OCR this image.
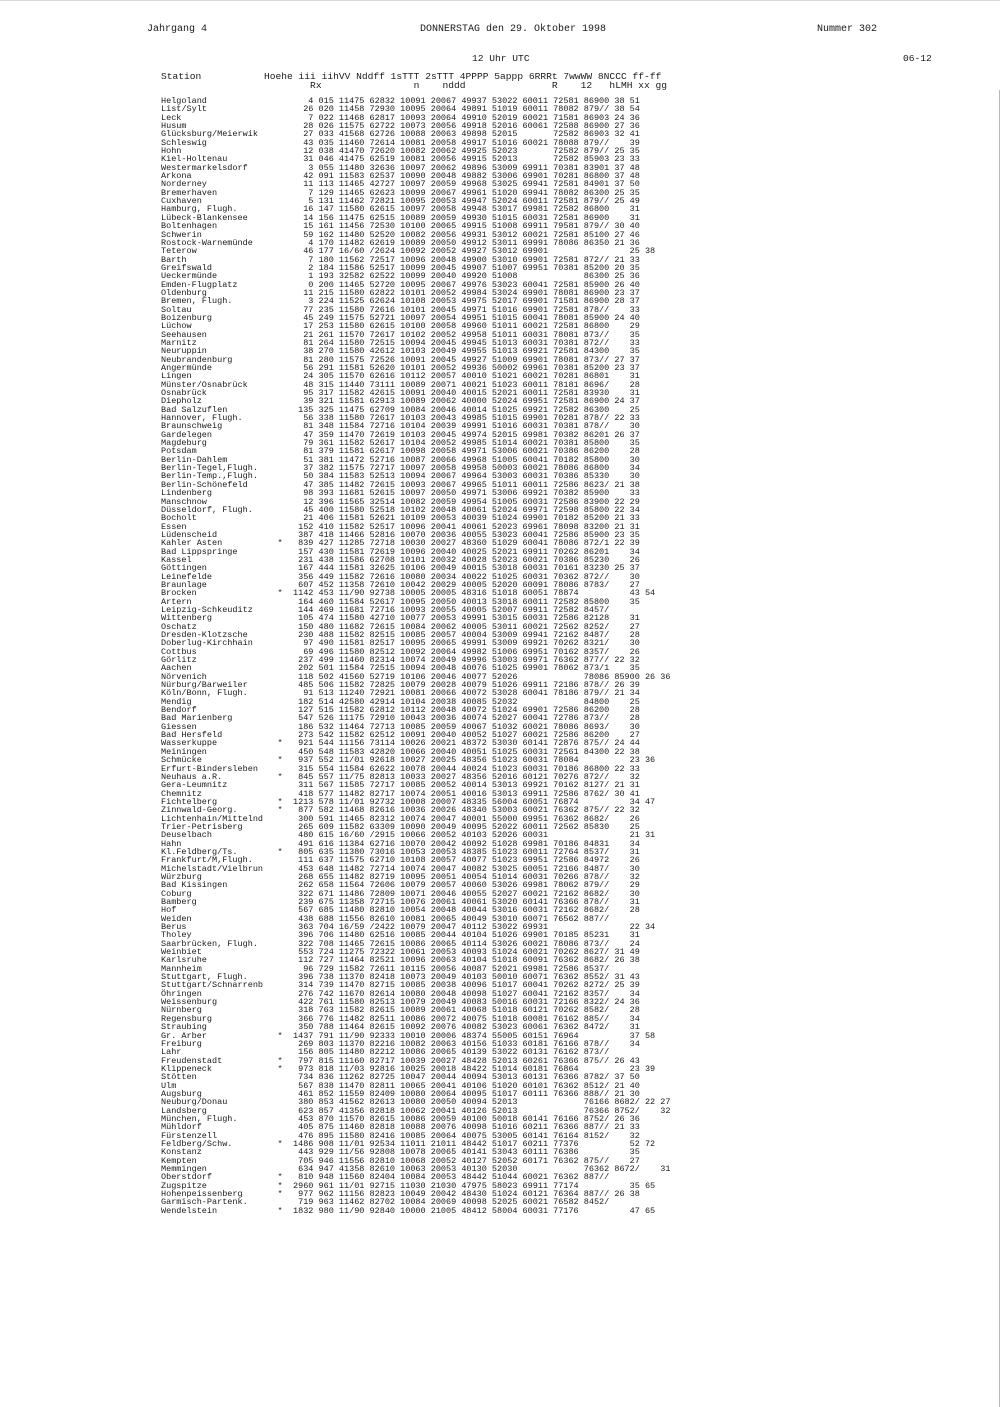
Jahrgang 4	DONNERSTAG den 29. Oktober 1998	Nummer 302
12 Uhr UTC	06-12
Station	Hoehe iii iihVV Nddff 1sTTT 2sTTT 4PPPP 5appp 6RRRt 7wwWW 8NCCC ff-ff
Rx                n    nddd               R    12   hLMH xx gg
Helgoland		4 015 11475 62832 10091 20067 49937 53022 60011 72581 86900 38 51
List/Sylt		26 020 11458 72930 10095 20064 49891 51019 60011 78082 879// 38 54
Leck		7 022 11468 62817 10093 20064 49910 52019 60021 71581 86903 24 36
Husum		28 026 11575 62722 10073 20056 49918 52016 60061 72588 86900 27 36
Glücksburg/Meierwik		27 033 41568 62726 10088 20063 49898 52015       72582 86903 32 41
Schleswig		43 035 11460 72614 10081 20058 49917 51016 60021 78088 879//    39
Hohn		12 038 41470 72620 10082 20062 49925 52023       72582 879// 25 35
Kiel-Holtenau		31 046 41475 62519 10081 20056 49915 52013       72582 85903 23 33
Westermarkelsdorf		3 055 11480 32636 10097 20062 49896 53009 69911 70381 83901 37 48
Arkona		42 091 11583 62537 10090 20048 49882 53006 69901 70281 86800 37 48
Norderney		11 113 11465 42727 10097 20059 49968 53025 69941 72581 84901 37 50
Bremerhaven		7 129 11465 62623 10099 20067 49961 51020 69941 78082 86300 25 35
Cuxhaven		5 131 11462 72821 10095 20053 49947 52024 60011 72581 879// 25 49
Hamburg, Flugh.		16 147 11580 62615 10097 20058 49948 53017 69981 72582 86800    31
Lübeck-Blankensee		14 156 11475 62515 10089 20059 49930 51015 60031 72581 86900    31
Boltenhagen		15 161 11456 72530 10100 20065 49915 51008 69911 79581 879// 30 40
Schwerin		59 162 11480 52520 10082 20056 49931 53012 60021 72581 85100 27 46
Rostock-Warnemünde		4 170 11482 62619 10089 20050 49912 53011 69991 78086 86350 21 36
Teterow		46 177 16/60 /2624 10092 20052 49927 53012 69901                25 38
Barth		7 180 11562 72517 10096 20048 49900 53010 69901 72581 872// 21 33
Greifswald		2 184 11586 52517 10099 20045 49907 51007 69951 70381 85200 20 35
Ueckermünde		1 193 32582 62522 10099 20040 49920 51008             86300 25 36
Emden-Flugplatz		0 200 11465 52720 10095 20067 49976 53023 60041 72581 85900 26 40
Oldenburg		11 215 11580 62822 10101 20052 49984 53024 69901 78081 86900 23 37
Bremen, Flugh.		3 224 11525 62624 10108 20053 49975 52017 69901 71581 86900 28 37
Soltau		77 235 11580 72616 10101 20045 49971 51016 69901 72581 878//    33
Boizenburg		45 249 11575 52721 10097 20054 49951 51015 60041 78081 85900 24 40
Lüchow		17 253 11580 62615 10100 20058 49960 51011 60021 72581 86800    29
Seehausen		21 261 11570 72617 10102 20052 49958 51011 60031 78081 873//    35
Marnitz		81 264 11580 72515 10094 20045 49945 51013 60031 70381 872//    33
Neuruppin		38 270 11580 42612 10103 20049 49955 51013 69921 72581 84300    35
Neubrandenburg		81 280 11575 72526 10091 20045 49927 51009 69901 78081 873// 27 37
Angermünde		56 291 11581 52620 10101 20052 49936 50002 69961 70381 85200 23 37
Lingen		24 305 11570 62616 10112 20057 40010 51021 60021 70281 86801    31
Münster/Osnabrück		48 315 11440 73111 10089 20071 40021 51023 60011 78181 8696/    28
Osnabrück		95 317 11582 42615 10091 20040 40015 52021 60011 72581 83930    31
Diepholz		39 321 11581 62913 10089 20062 40000 52024 69951 72581 86900 24 37
Bad Salzuflen		135 325 11475 62709 10084 20046 40014 51025 69921 72582 86300    25
Hannover, Flugh.		56 338 11580 72617 10103 20043 49985 51015 69901 70281 878// 22 33
Braunschweig		81 348 11584 72716 10104 20039 49991 51016 60031 70381 878//    30
Gardelegen		47 359 11470 72619 10103 20045 49974 52015 69981 70382 86201 26 37
Magdeburg		79 361 11582 52617 10104 20052 49985 51014 60021 70381 85800    35
Potsdam		81 379 11581 62617 10098 20058 49971 53006 60021 70386 86200    28
Berlin-Dahlem		51 381 11472 52716 10087 20066 49968 51005 60041 70182 85800    30
Berlin-Tegel,Flugh.		37 382 11575 72717 10097 20058 49958 50003 60021 78086 86800    34
Berlin-Temp.,Flugh.		50 384 11583 52513 10094 20067 49964 53003 60031 70386 85330    30
Berlin-Schönefeld		47 385 11482 72615 10093 20067 49965 51011 60011 72586 8623/ 21 38
Lindenberg		98 393 11681 52615 10097 20050 49971 53006 69921 70382 85900    33
Manschnow		12 396 11565 32514 10082 20059 49954 51005 60031 72586 83900 22 29
Düsseldorf, Flugh.		45 400 11580 52518 10102 20048 40061 52024 69971 72598 85800 22 34
Bocholt		21 406 11581 52621 10109 20053 40039 51024 69901 70182 85200 21 33
Essen		152 410 11582 52517 10096 20041 40061 52023 69961 78098 83200 21 31
Lüdenscheid		387 418 11466 52816 10070 20036 40055 53023 60041 72586 85900 23 35
Kahler Asten	*	839 427 11285 72718 10030 20027 48360 51029 60041 78086 872/1 22 39
Bad Lippspringe		157 430 11581 72619 10096 20040 40025 52021 69911 70262 86201    34
Kassel		231 438 11586 62708 10101 20032 40028 52023 60021 70386 85230    26
Göttingen		167 444 11581 32625 10106 20049 40015 53018 60031 70161 83230 25 37
Leinefelde		356 449 11582 72616 10080 20034 40022 51025 60031 70362 872//    30
Braunlage		607 452 11358 72610 10042 20029 40005 52020 60091 78086 8783/    27
Brocken	*	1142 453 11/90 92738 10005 20005 48316 51018 60051 78874          43 54
Artern		164 460 11584 52617 10095 20050 40013 53018 60011 72582 85800    35
Leipzig-Schkeuditz		144 469 11681 72716 10093 20055 40005 52007 69911 72582 8457/
Wittenberg		105 474 11580 42710 10077 20053 49991 53015 60031 72586 82128    31
Oschatz		150 480 11682 72615 10084 20062 40005 53011 60021 72562 8252/    27
Dresden-Klotzsche		230 488 11582 82515 10085 20057 40004 53009 69941 72162 8487/    28
Doberlug-Kirchhain		97 490 11581 82517 10095 20065 49991 53009 69921 70262 8321/    30
Cottbus		69 496 11580 82512 10092 20064 49982 51006 69951 70162 8357/    26
Görlitz		237 499 11460 82314 10074 20049 49996 53003 69971 76362 877// 22 32
Aachen		202 501 11584 72515 10094 20048 40076 51025 69901 78062 873/1    35
Nörvenich		118 502 41560 52719 10106 20046 40077 52026             78086 85900 26 36
Nürburg/Barweiler		485 506 11582 72825 10079 20028 40079 51026 69911 72186 878// 26 39
Köln/Bonn, Flugh.		91 513 11240 72921 10081 20066 40072 53028 60041 78186 879// 21 34
Mendig		182 514 42580 42914 10104 20038 40085 52032             84800    25
Bendorf		127 515 11582 62812 10112 20048 40072 51024 69901 72586 86200    28
Bad Marienberg		547 526 11175 72910 10043 20036 40074 52027 60041 72786 873//    28
Giessen		186 532 11464 72713 10085 20059 40067 51032 60021 78086 8693/    30
Bad Hersfeld		273 542 11582 62512 10091 20040 40052 51027 60021 72586 86200    27
Wasserkuppe	*	921 544 11156 73114 10026 20021 48372 53030 60141 72876 875// 24 44
Meiningen		450 548 11583 42820 10066 20040 40051 51025 60031 72561 84300 22 38
Schmücke	*	937 552 11/01 92618 10027 20025 48356 51023 60031 78084          23 36
Erfurt-Bindersleben		315 554 11584 62622 10078 20044 40024 51023 60031 70186 86800 22 33
Neuhaus a.R.	*	845 557 11/75 82813 10033 20027 48356 52016 60121 70276 872//    32
Gera-Leumnitz		311 567 11585 72717 10085 20052 40014 53013 69921 70162 8127/ 21 31
Chemnitz		418 577 11482 82717 10074 20051 40016 53013 69911 72586 8762/ 30 41
Fichtelberg	*	1213 578 11/01 92732 10008 20007 48335 56004 60051 76874          34 47
Zinnwald-Georg.	*	877 582 11468 82616 10036 20026 48340 53003 60021 76362 875// 22 32
Lichtenhain/Mittelnd		300 591 11465 82312 10074 20047 40001 55000 69951 76362 8682/    26
Trier-Petrisberg		265 609 11582 63309 10090 20049 40095 52022 60011 72562 85830    25
Deuselbach		480 615 16/60 /2915 10066 20052 40103 52026 60031                21 31
Hahn		491 616 11384 62716 10070 20042 40092 51028 69981 70186 84831    34
Kl.Feldberg/Ts.	*	805 635 11380 73016 10053 20053 48385 51023 60011 72764 8537/    31
Frankfurt/M,Flugh.		111 637 11575 62710 10108 20057 40077 51023 69951 72586 84972    26
Michelstadt/Vielbrun		453 648 11482 72714 10074 20047 40082 53025 60051 72166 8487/    30
Würzburg		268 655 11482 82719 10095 20051 40054 51014 60031 70266 878//    32
Bad Kissingen		262 658 11564 72606 10079 20057 40060 53026 69981 78062 879//    29
Coburg		322 671 11486 72809 10071 20046 40055 52027 60021 72162 8682/    30
Bamberg		239 675 11358 72715 10076 20061 40061 53020 60141 76366 878//    31
Hof		567 685 11480 82810 10054 20048 40044 53016 60031 72162 8682/    28
Weiden		438 688 11556 82610 10081 20065 40049 53010 60071 76562 887//
Berus		363 704 16/59 /2422 10079 20047 40112 53022 69931                22 34
Tholey		396 706 11480 62516 10085 20044 40104 51026 69901 70185 85231    31
Saarbrücken, Flugh.		322 708 11465 72615 10086 20065 40114 53026 60021 78086 873//    24
Weinbiet		553 724 11275 72322 10061 20053 40093 51024 60021 70262 8627/ 31 49
Karlsruhe		112 727 11464 82521 10096 20063 40104 51018 60091 76362 8682/ 26 38
Mannheim		96 729 11582 72611 10115 20056 40087 52021 69981 72586 8537/
Stuttgart, Flugh.		396 738 11370 82418 10073 20049 40103 50010 60071 76362 8552/ 31 43
Stuttgart/Schnarrenb		314 739 11470 82715 10085 20038 40096 51017 60041 70262 8272/ 25 39
Öhringen		276 742 11670 82614 10080 20048 40098 51027 60041 72162 8357/    34
Weissenburg		422 761 11580 82513 10079 20049 40083 50016 60031 72166 8322/ 24 36
Nürnberg		318 763 11582 82615 10089 20061 40068 51018 60121 70262 8582/    28
Regensburg		366 776 11482 82511 10086 20072 40075 51018 60081 76162 885//    34
Straubing		350 788 11464 82615 10092 20076 40082 53023 60061 76362 8472/    31
Gr. Arber	*	1437 791 11/90 92333 10010 20006 48374 55005 60151 76964          37 58
Freiburg		269 803 11370 82216 10082 20063 40156 51033 60181 76166 878//    34
Lahr		156 805 11480 82212 10086 20065 40139 53022 60131 76162 873//
Freudenstadt	*	797 815 11160 82717 10039 20027 48428 52013 60261 76366 875// 26 43
Klippeneck	*	973 818 11/03 92816 10025 20018 48422 51014 60181 76864          23 39
Stötten		734 836 11262 82725 10047 20044 40094 53013 60131 76366 8782/ 37 50
Ulm		567 838 11470 82811 10065 20041 40106 51020 60101 76362 8512/ 21 40
Augsburg		461 852 11559 82409 10080 20064 40095 51017 60111 76366 888// 21 30
Neuburg/Donau		380 853 41562 82613 10080 20050 40094 52013             76166 8682/ 22 27
Landsberg		623 857 41356 82818 10062 20041 40126 52013             76366 8752/    32
München, Flugh.		453 870 11570 82615 10086 20059 40100 50018 60141 76166 8752/ 26 36
Mühldorf		405 875 11460 82818 10088 20076 40098 51016 60211 76366 887// 21 33
Fürstenzell		476 895 11580 82416 10085 20064 40075 53005 60141 76164 8152/    32
Feldberg/Schw.	*	1486 908 11/01 92534 11011 21011 48442 51017 60211 77376          52 72
Konstanz		443 929 11/56 92808 10078 20065 40141 53043 60111 76386          35
Kempten		705 946 11556 82810 10068 20052 40127 52052 60171 76362 875//    27
Memmingen		634 947 41358 82610 10063 20053 40130 52030             76362 8672/    31
Oberstdorf	*	810 948 11560 82404 10084 20053 48442 51044 60021 76362 887//
Zugspitze	*	2960 961 11/01 92715 11030 21030 47975 58023 69911 77174          35 65
Hohenpeissenberg	*	977 962 11156 82823 10049 20042 48430 51024 60121 76364 887// 26 38
Garmisch-Partenk.		719 963 11462 82702 10084 20069 40098 52025 60021 76582 8452/
Wendelstein	*	1832 980 11/90 92840 10000 21005 48412 58004 60031 77176          47 65
